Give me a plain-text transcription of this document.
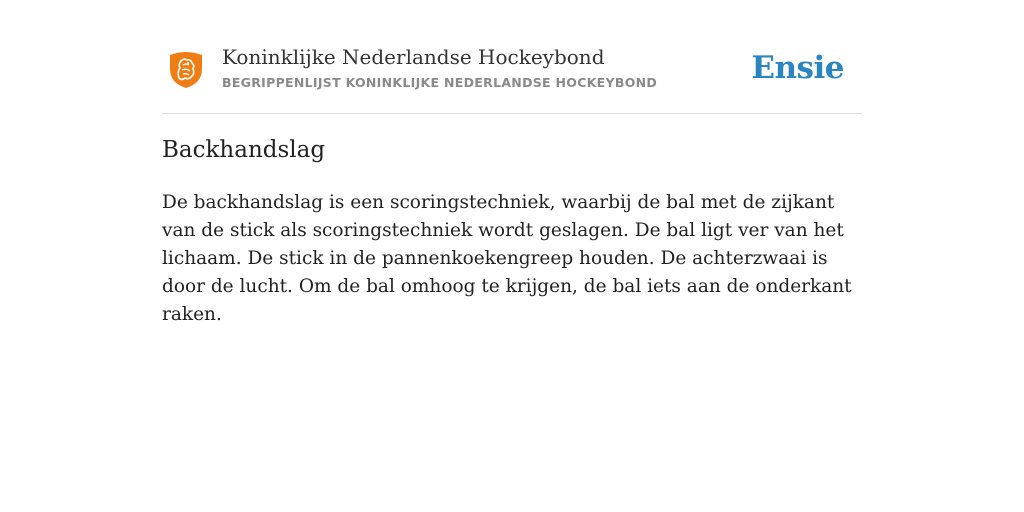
Koninklijke Nederlandse Hockeybond
BEGRIPPENLIJST KONINKLIJKE NEDERLANDSE HOCKEYBOND	Ensie
Backhandslag

De backhandslag is een scoringstechniek, waarbij de bal met de zijkant van de stick als scoringstechniek wordt geslagen. De bal ligt ver van het lichaam. De stick in de pannenkoekengreep houden. De achterzwaai is door de lucht. Om de bal omhoog te krijgen, de bal iets aan de onderkant raken.
